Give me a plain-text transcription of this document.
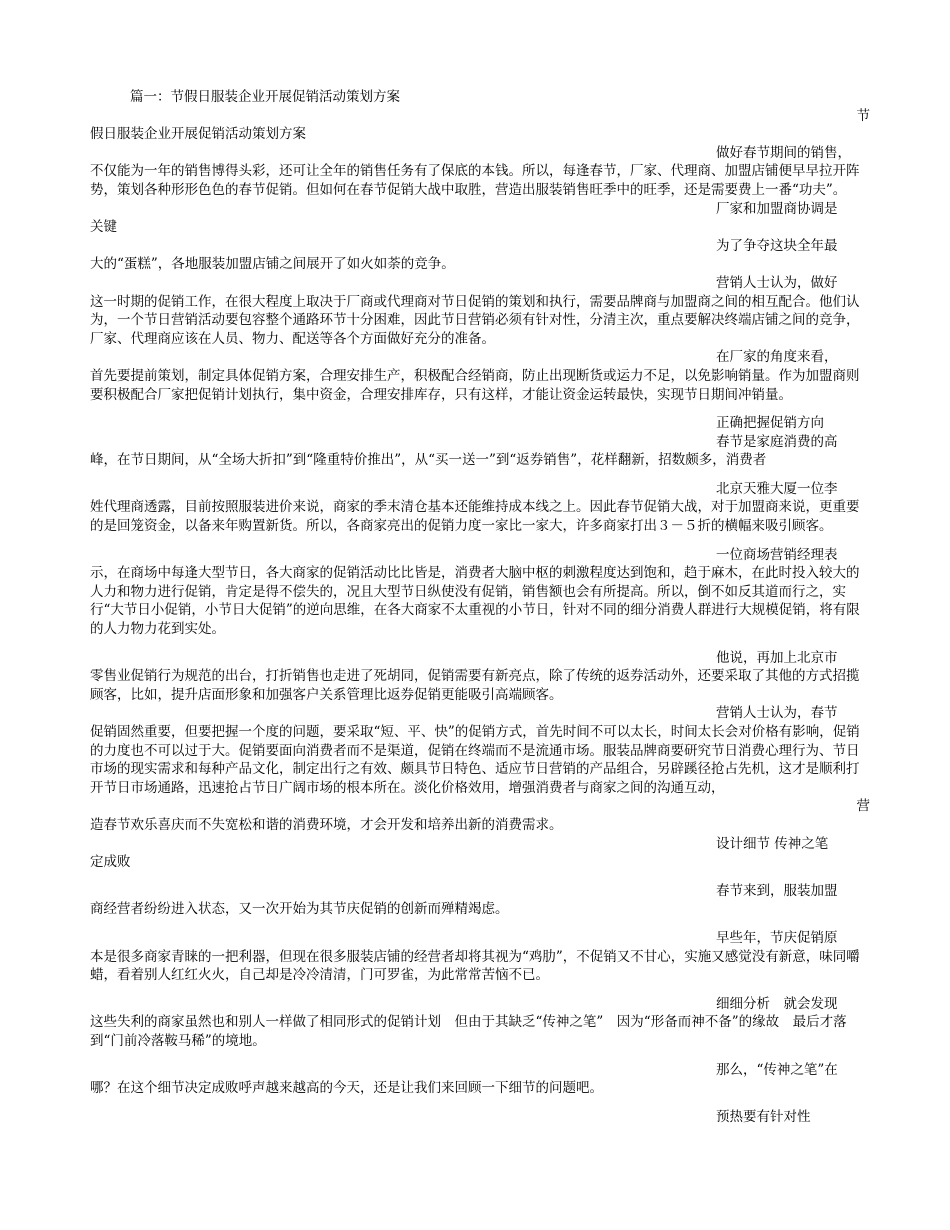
篇一：节假日服装企业开展促销活动策划方案

节

假日服装企业开展促销活动策划方案

做好春节期间的销售，

不仅能为一年的销售博得头彩，还可让全年的销售任务有了保底的本钱。所以，每逢春节，厂家、代理商、加盟店铺便早早拉开阵势，策划各种形形色色的春节促销。但如何在春节促销大战中取胜，营造出服装销售旺季中的旺季，还是需要费上一番“功夫”。

厂家和加盟商协调是

关键

为了争夺这块全年最

大的“蛋糕”，各地服装加盟店铺之间展开了如火如荼的竞争。

营销人士认为，做好

这一时期的促销工作，在很大程度上取决于厂商或代理商对节日促销的策划和执行，需要品牌商与加盟商之间的相互配合。他们认为，一个节日营销活动要包容整个通路环节十分困难，因此节日营销必须有针对性，分清主次，重点要解决终端店铺之间的竞争，厂家、代理商应该在人员、物力、配送等各个方面做好充分的准备。

在厂家的角度来看，

首先要提前策划，制定具体促销方案，合理安排生产，积极配合经销商，防止出现断货或运力不足，以免影响销量。作为加盟商则要积极配合厂家把促销计划执行，集中资金，合理安排库存，只有这样，才能让资金运转最快，实现节日期间冲销量。

正确把握促销方向

春节是家庭消费的高

峰，在节日期间，从“全场大折扣”到“隆重特价推出”，从“买一送一”到“返券销售”，花样翻新，招数颇多，消费者

北京天雅大厦一位李

姓代理商透露，目前按照服装进价来说，商家的季末清仓基本还能维持成本线之上。因此春节促销大战，对于加盟商来说，更重要的是回笼资金，以备来年购置新货。所以，各商家亮出的促销力度一家比一家大，许多商家打出３－５折的横幅来吸引顾客。

一位商场营销经理表

示，在商场中每逢大型节日，各大商家的促销活动比比皆是，消费者大脑中枢的刺激程度达到饱和，趋于麻木，在此时投入较大的人力和物力进行促销，肯定是得不偿失的，况且大型节日纵使没有促销，销售额也会有所提高。所以，倒不如反其道而行之，实行“大节日小促销，小节日大促销”的逆向思维，在各大商家不太重视的小节日，针对不同的细分消费人群进行大规模促销，将有限的人力物力花到实处。

他说，再加上北京市

零售业促销行为规范的出台，打折销售也走进了死胡同，促销需要有新亮点，除了传统的返券活动外，还要采取了其他的方式招揽顾客，比如，提升店面形象和加强客户关系管理比返券促销更能吸引高端顾客。

营销人士认为，春节

促销固然重要，但要把握一个度的问题，要采取“短、平、快”的促销方式，首先时间不可以太长，时间太长会对价格有影响，促销的力度也不可以过于大。促销要面向消费者而不是渠道，促销在终端而不是流通市场。服装品牌商要研究节日消费心理行为、节日市场的现实需求和每种产品文化，制定出行之有效、颇具节日特色、适应节日营销的产品组合，另辟蹊径抢占先机，这才是顺利打开节日市场通路，迅速抢占节日广阔市场的根本所在。淡化价格效用，增强消费者与商家之间的沟通互动，

营

造春节欢乐喜庆而不失宽松和谐的消费环境，才会开发和培养出新的消费需求。

设计细节 传神之笔

定成败

春节来到，服装加盟

商经营者纷纷进入状态，又一次开始为其节庆促销的创新而殚精竭虑。

早些年，节庆促销原

本是很多商家青睐的一把利器，但现在很多服装店铺的经营者却将其视为“鸡肋”，不促销又不甘心，实施又感觉没有新意，味同嚼蜡，看着别人红红火火，自己却是冷冷清清，门可罗雀，为此常常苦恼不已。

细细分析　就会发现

这些失利的商家虽然也和别人一样做了相同形式的促销计划　但由于其缺乏“传神之笔”　因为“形备而神不备”的缘故　最后才落到“门前冷落鞍马稀”的境地。

那么，“传神之笔”在

哪？在这个细节决定成败呼声越来越高的今天，还是让我们来回顾一下细节的问题吧。

预热要有针对性
